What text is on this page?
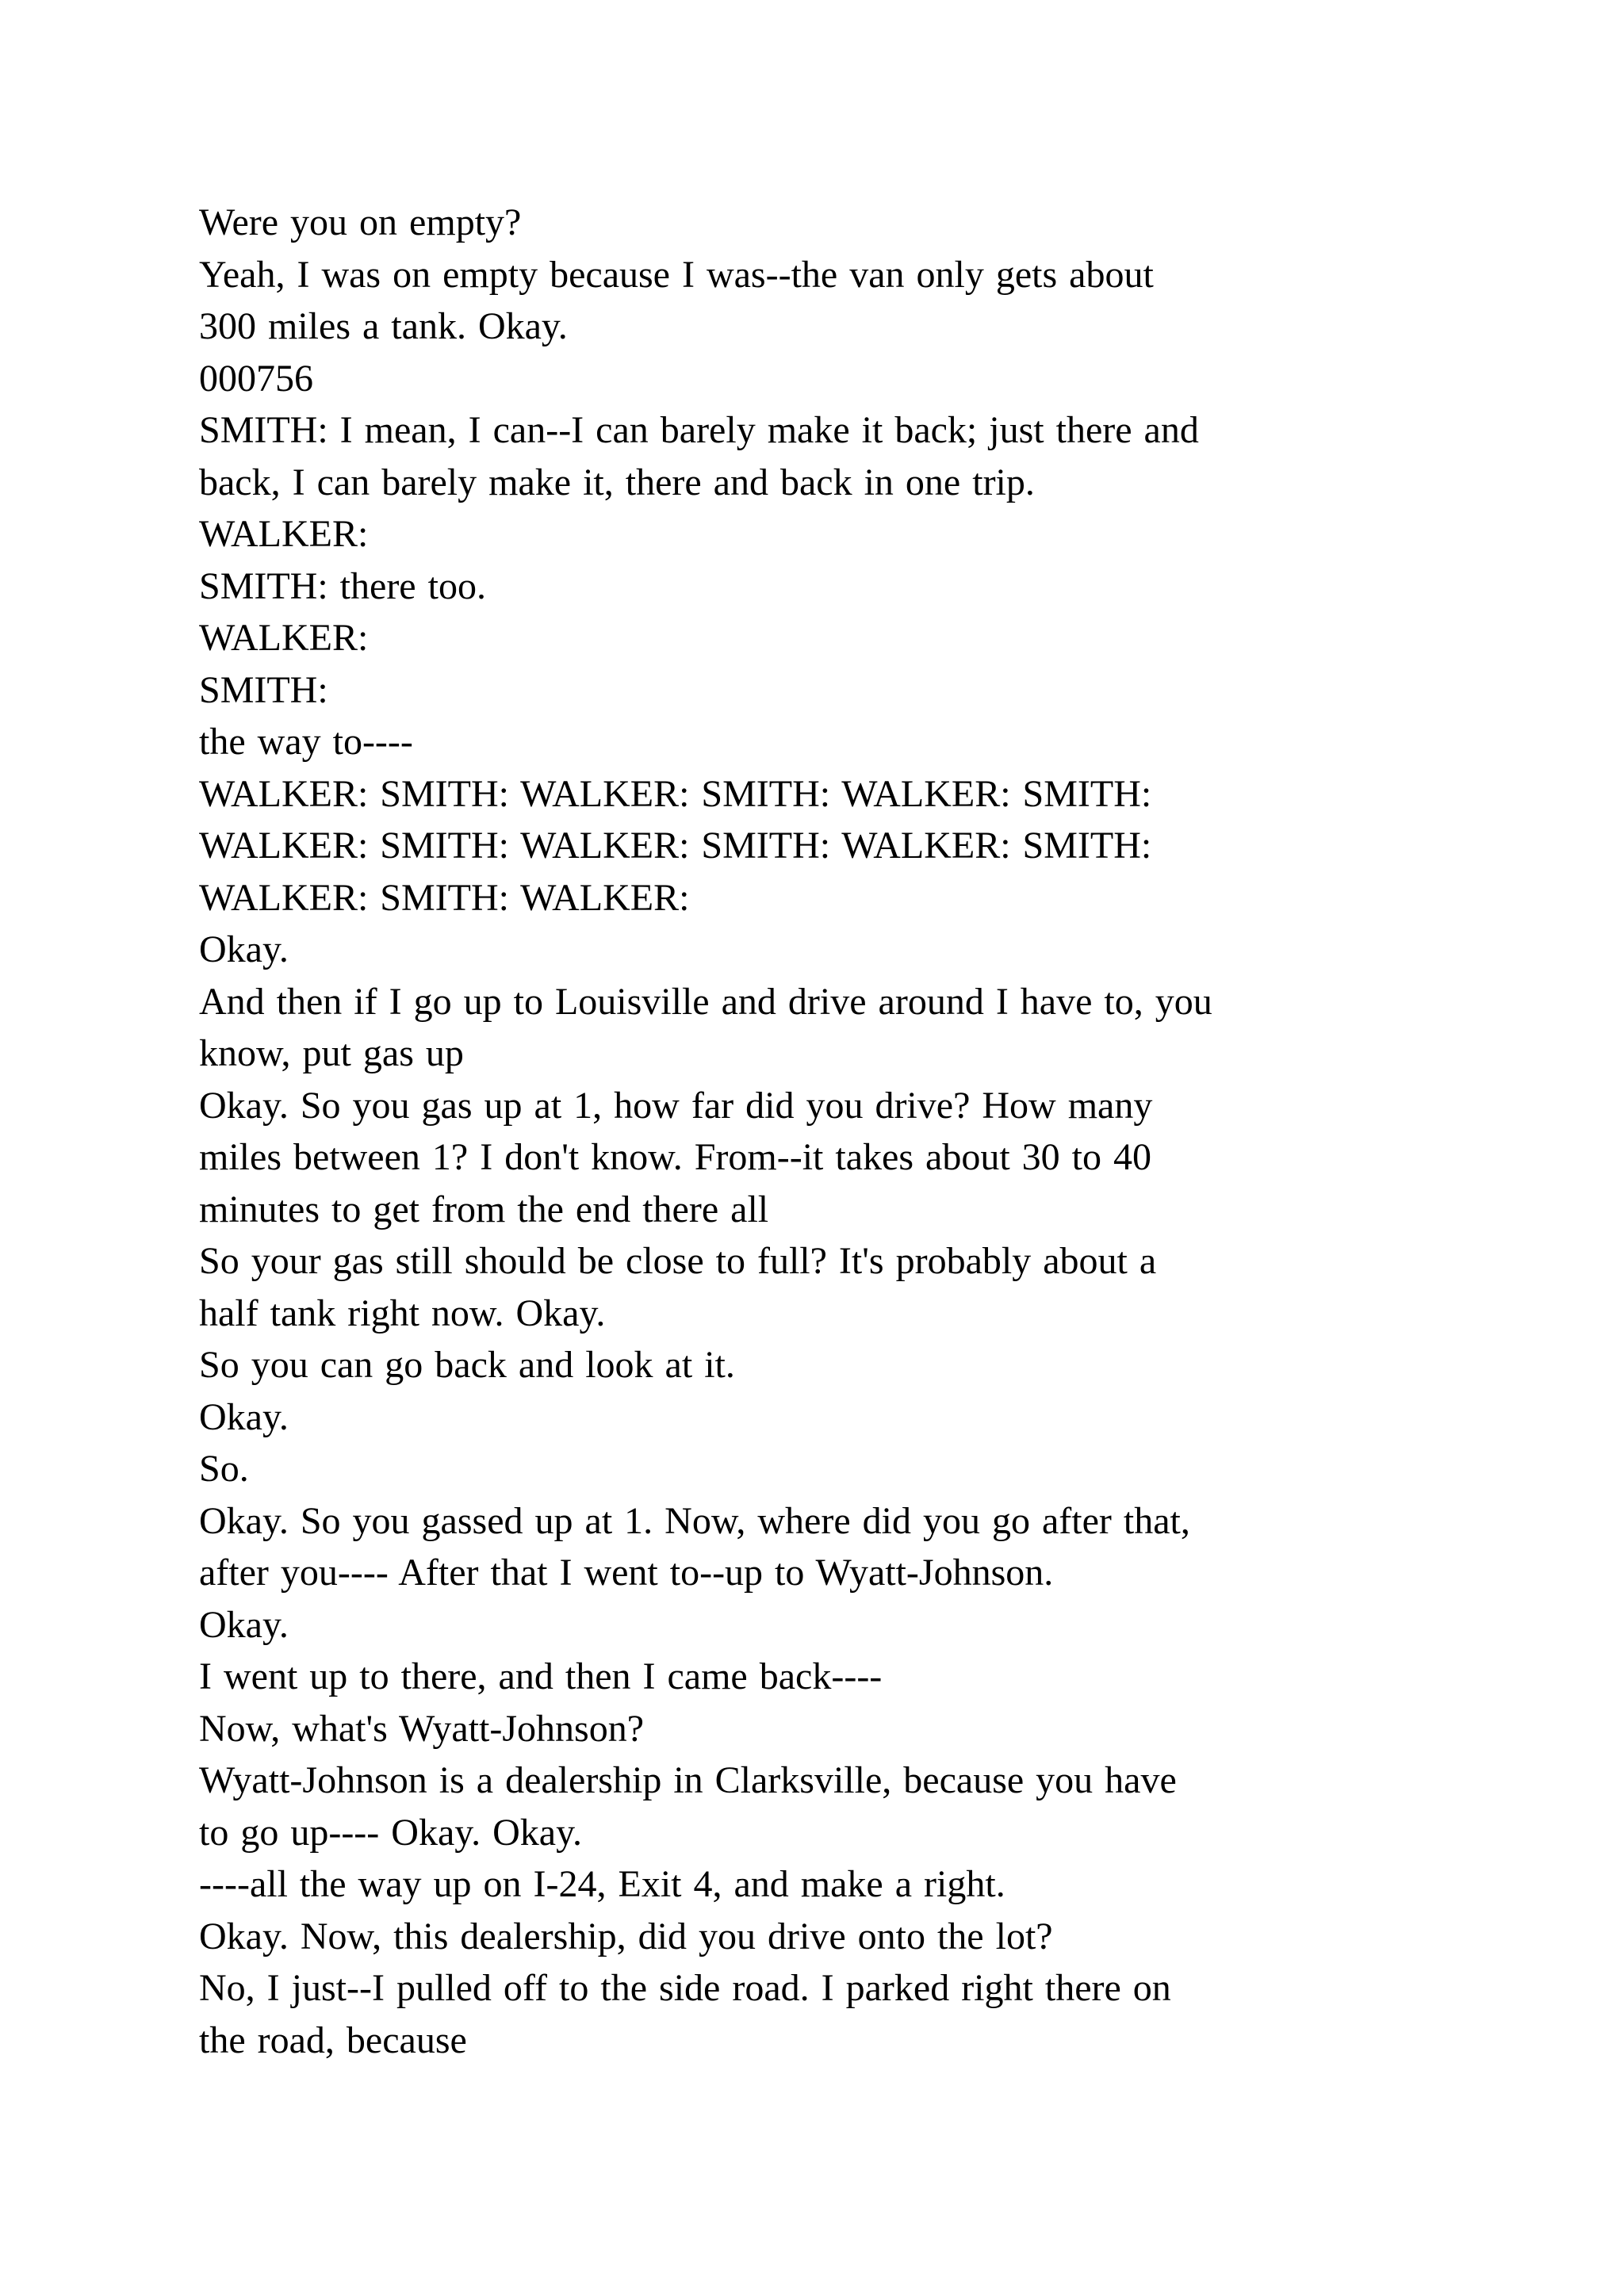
Were you on empty?
Yeah, I was on empty because I was--the van only gets about
300 miles a tank. Okay.
000756
SMITH: I mean, I can--I can barely make it back; just there and
back, I can barely make it, there and back in one trip.
WALKER:
SMITH: there too.
WALKER:
SMITH:
the way to----
WALKER: SMITH: WALKER: SMITH: WALKER: SMITH:
WALKER: SMITH: WALKER: SMITH: WALKER: SMITH:
WALKER: SMITH: WALKER:
Okay.
And then if I go up to Louisville and drive around I have to, you
know, put gas up
Okay. So you gas up at 1, how far did you drive? How many
miles between 1? I don't know. From--it takes about 30 to 40
minutes to get from the end there all
So your gas still should be close to full? It's probably about a
half tank right now. Okay.
So you can go back and look at it.
Okay.
So.
Okay. So you gassed up at 1. Now, where did you go after that,
after you---- After that I went to--up to Wyatt-Johnson.
Okay.
I went up to there, and then I came back----
Now, what's Wyatt-Johnson?
Wyatt-Johnson is a dealership in Clarksville, because you have
to go up---- Okay. Okay.
----all the way up on I-24, Exit 4, and make a right.
Okay. Now, this dealership, did you drive onto the lot?
No, I just--I pulled off to the side road. I parked right there on
the road, because
